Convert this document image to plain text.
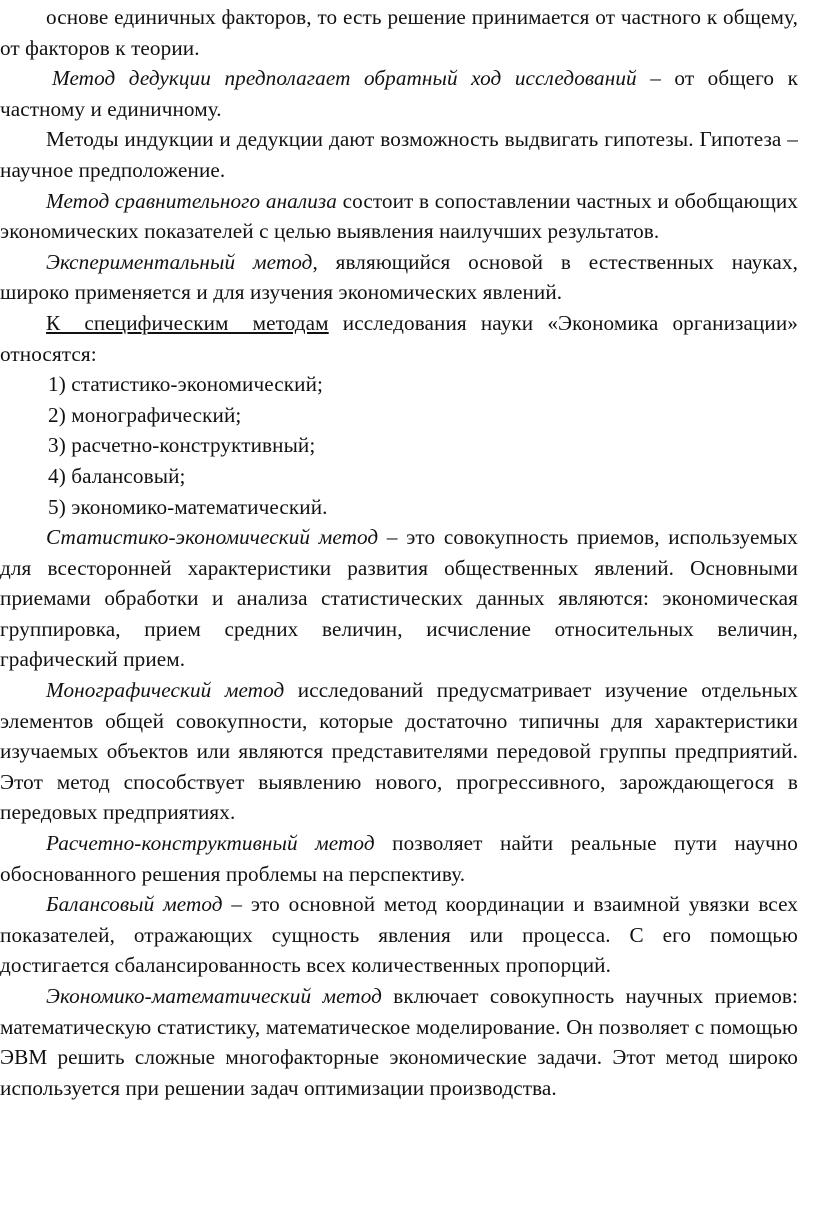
основе единичных факторов, то есть решение принимается от частного к общему, от факторов к теории.

Метод дедукции предполагает обратный ход исследований – от общего к частному и единичному.

Методы индукции и дедукции дают возможность выдвигать гипотезы. Гипотеза – научное предположение.

Метод сравнительного анализа состоит в сопоставлении частных и обобщающих экономических показателей с целью выявления наилучших результатов.

Экспериментальный метод, являющийся основой в естественных науках, широко применяется и для изучения экономических явлений.

К специфическим методам исследования науки «Экономика организации» относятся:

1) статистико-экономический;

2) монографический;

3) расчетно-конструктивный;

4) балансовый;

5) экономико-математический.

Статистико-экономический метод – это совокупность приемов, используемых для всесторонней характеристики развития общественных явлений. Основными приемами обработки и анализа статистических данных являются: экономическая группировка, прием средних величин, исчисление относительных величин, графический прием.

Монографический метод исследований предусматривает изучение отдельных элементов общей совокупности, которые достаточно типичны для характеристики изучаемых объектов или являются представителями передовой группы предприятий. Этот метод способствует выявлению нового, прогрессивного, зарождающегося в передовых предприятиях.

Расчетно-конструктивный метод позволяет найти реальные пути научно обоснованного решения проблемы на перспективу.

Балансовый метод – это основной метод координации и взаимной увязки всех показателей, отражающих сущность явления или процесса. С его помощью достигается сбалансированность всех количественных пропорций.

Экономико-математический метод включает совокупность научных приемов: математическую статистику, математическое моделирование. Он позволяет с помощью ЭВМ решить сложные многофакторные экономические задачи. Этот метод широко используется при решении задач оптимизации производства.
